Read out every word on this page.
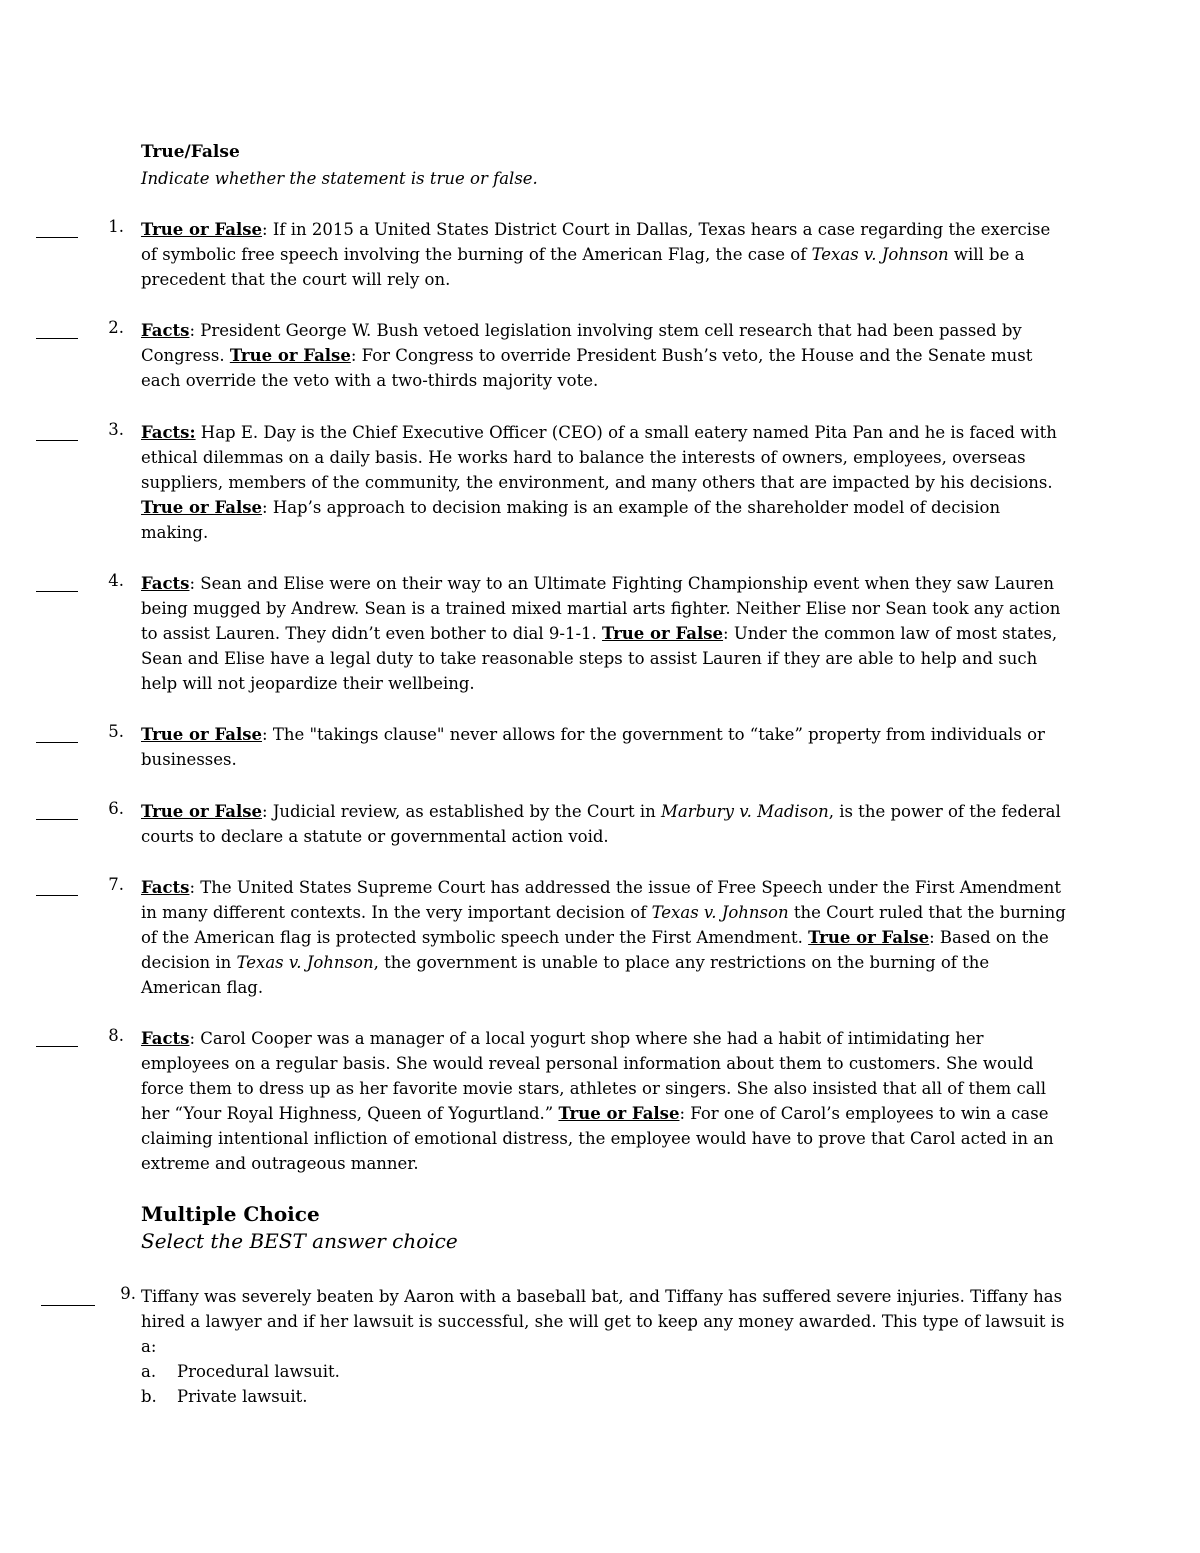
True/False
Indicate whether the statement is true or false.
1. True or False: If in 2015 a United States District Court in Dallas, Texas hears a case regarding the exercise of symbolic free speech involving the burning of the American Flag, the case of Texas v. Johnson will be a precedent that the court will rely on.
2. Facts: President George W. Bush vetoed legislation involving stem cell research that had been passed by Congress. True or False: For Congress to override President Bush’s veto, the House and the Senate must each override the veto with a two-thirds majority vote.
3. Facts: Hap E. Day is the Chief Executive Officer (CEO) of a small eatery named Pita Pan and he is faced with ethical dilemmas on a daily basis. He works hard to balance the interests of owners, employees, overseas suppliers, members of the community, the environment, and many others that are impacted by his decisions. True or False: Hap’s approach to decision making is an example of the shareholder model of decision making.
4. Facts: Sean and Elise were on their way to an Ultimate Fighting Championship event when they saw Lauren being mugged by Andrew. Sean is a trained mixed martial arts fighter. Neither Elise nor Sean took any action to assist Lauren. They didn’t even bother to dial 9-1-1. True or False: Under the common law of most states, Sean and Elise have a legal duty to take reasonable steps to assist Lauren if they are able to help and such help will not jeopardize their wellbeing.
5. True or False: The "takings clause" never allows for the government to “take” property from individuals or businesses.
6. True or False: Judicial review, as established by the Court in Marbury v. Madison, is the power of the federal courts to declare a statute or governmental action void.
7. Facts: The United States Supreme Court has addressed the issue of Free Speech under the First Amendment in many different contexts. In the very important decision of Texas v. Johnson the Court ruled that the burning of the American flag is protected symbolic speech under the First Amendment. True or False: Based on the decision in Texas v. Johnson, the government is unable to place any restrictions on the burning of the American flag.
8. Facts: Carol Cooper was a manager of a local yogurt shop where she had a habit of intimidating her employees on a regular basis. She would reveal personal information about them to customers. She would force them to dress up as her favorite movie stars, athletes or singers. She also insisted that all of them call her “Your Royal Highness, Queen of Yogurtland.” True or False: For one of Carol’s employees to win a case claiming intentional infliction of emotional distress, the employee would have to prove that Carol acted in an extreme and outrageous manner.
Multiple Choice
Select the BEST answer choice
9. Tiffany was severely beaten by Aaron with a baseball bat, and Tiffany has suffered severe injuries. Tiffany has hired a lawyer and if her lawsuit is successful, she will get to keep any money awarded. This type of lawsuit is a:

a.	Procedural lawsuit.
b.	Private lawsuit.
